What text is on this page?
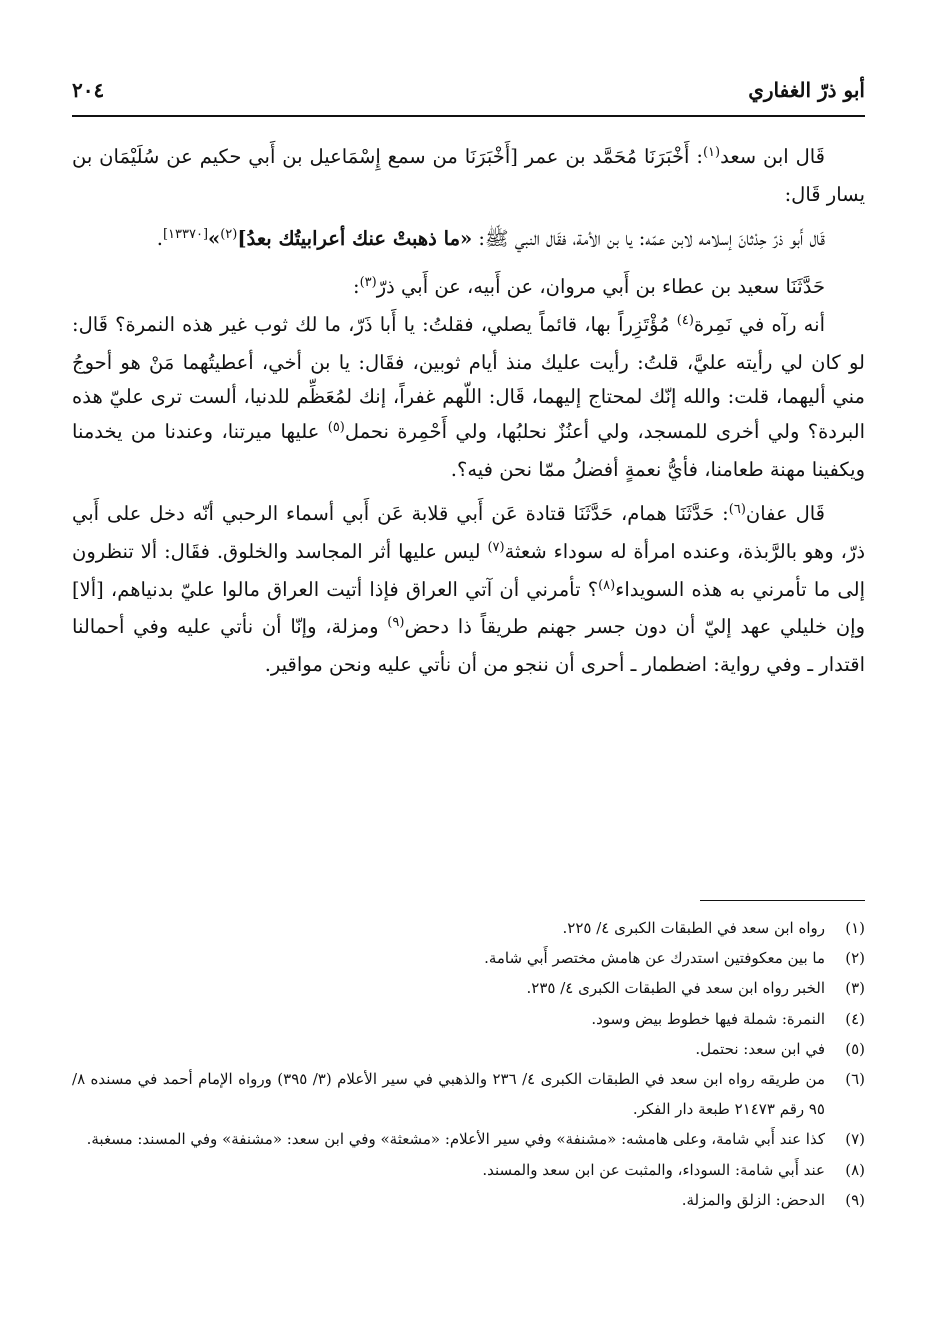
٢٠٤	أبو ذرّ الغفاري

قَال ابن سعد$^{(١)}$: أَخْبَرَنَا مُحَمَّد بن عمر [أَخْبَرَنَا من سمع إِسْمَاعيل بن أَبي حكيم عن سُلَيْمَان بن يسار قَال:

قَال أَبو ذرّ حِدْثانَ إسلامه لابن عمّه: يا بن الأمة، فقَال النبي ﷺ: «ما ذهبتْ عنك أعرابيتُك بعدُ]$^{(٢)}$»[١٣٣٧٠].

حَدَّثَنَا سعيد بن عطاء بن أَبي مروان، عن أَبيه، عن أَبي ذرّ$^{(٣)}$:

أنه رآه في نَمِرة$^{(٤)}$ مُؤْتَزِراً بها، قائماً يصلي، فقلتُ: يا أَبا ذَرّ، ما لك ثوب غير هذه النمرة؟ قَال: لو كان لي رأيته عليَّ، قلتُ: رأيت عليك منذ أيام ثوبين، فقَال: يا بن أخي، أعطيتُهما مَنْ هو أحوجُ مني أليهما، قلت: والله إنّك لمحتاج إليهما، قَال: اللّهم غفراً، إنك لمُعَظِّم للدنيا، ألست ترى عليّ هذه البردة؟ ولي أخرى للمسجد، ولي أعنُزٌ نحلبُها، ولي أَحْمِرة نحمل$^{(٥)}$ عليها ميرتنا، وعندنا من يخدمنا ويكفينا مهنة طعامنا، فأيُّ نعمةٍ أفضلُ ممّا نحن فيه؟.

قَال عفان$^{(٦)}$: حَدَّثَنَا همام، حَدَّثَنَا قتادة عَن أَبي قلابة عَن أَبي أسماء الرحبي أنّه دخل على أَبي ذرّ، وهو بالرَّبذة، وعنده امرأة له سوداء شعثة$^{(٧)}$ ليس عليها أثر المجاسد والخلوق. فقَال: ألا تنظرون إلى ما تأمرني به هذه السويداء$^{(٨)}$؟ تأمرني أن آتي العراق فإذا أتيت العراق مالوا عليّ بدنياهم، [ألا] وإن خليلي عهد إليّ أن دون جسر جهنم طريقاً ذا دحض$^{(٩)}$ ومزلة، وإنّا أن نأتي عليه وفي أحمالنا اقتدار ـ وفي رواية: اضطمار ـ أحرى أن ننجو من أن نأتي عليه ونحن مواقير.

(١)
رواه ابن سعد في الطبقات الكبرى ٤/ ٢٢٥.
(٢)
ما بين معكوفتين استدرك عن هامش مختصر أَبي شامة.
(٣)
الخبر رواه ابن سعد في الطبقات الكبرى ٤/ ٢٣٥.
(٤)
النمرة: شملة فيها خطوط بيض وسود.
(٥)
في ابن سعد: نحتمل.
(٦)
من طريقه رواه ابن سعد في الطبقات الكبرى ٤/ ٢٣٦ والذهبي في سير الأعلام (٣/ ٣٩٥) ورواه الإمام أحمد في مسنده ٨/ ٩٥ رقم ٢١٤٧٣ طبعة دار الفكر.
(٧)
كذا عند أَبي شامة، وعلى هامشه: «مشنفة» وفي سير الأعلام: «مشعثة» وفي ابن سعد: «مشنفة» وفي المسند: مسغبة.
(٨)
عند أَبي شامة: السوداء، والمثبت عن ابن سعد والمسند.
(٩)
الدحض: الزلق والمزلة.
